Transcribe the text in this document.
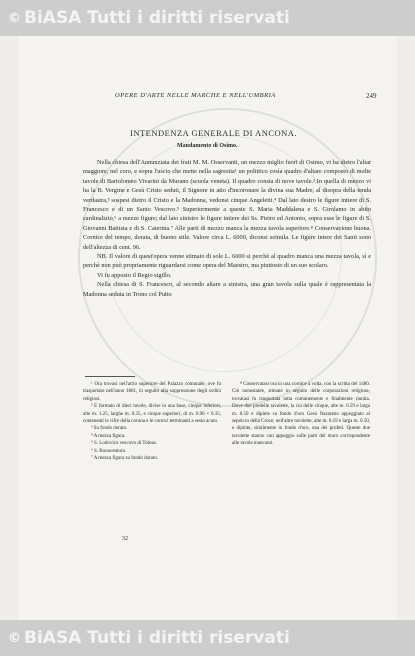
© BiASA Tutti i diritti riservati
OPERE D'ARTE NELLE MARCHE E NELL'UMBRIA	249
INTENDENZA GENERALE DI ANCONA.
Mandamento di Osimo.

Nella chiesa dell'Annunziata dei frati M. M. Osservanti, un mezzo miglio fuori di Osimo, vi ha dietro l'altar maggiore, nel coro, e sopra l'uscio che mette nella sagrestia¹ un polittico cosìa quadro d'altare composto di molte tavole di Bartolomeo Vivarini da Murano (scuola veneta). Il quadro consta di nove tavole.² In quella di mezzo vi ha la B. Vergine e Gesù Cristo seduti, il Signore in atto d'incoronare la divina sua Madre; al disopra della tenda verdastra,³ sospesi dietro il Cristo e la Madonna, vedonsi cinque Angeletti.⁴ Dal lato destro le figure intiere di S. Francesco e di un Santo Vescovo.⁵ Superiormente a queste S. Maria Maddalena e S. Girolamo in abito cardinalizio,⁶ a mezze figure; dal lato sinistro le figure intiere dei Ss. Pietro ed Antonio, sopra esse le figure di S. Giovanni Battista e di S. Caterina.⁷ Alle parti di mezzo manca la mezza tavola superiore.⁸ Conservazione buona. Cornice del tempo, dorata, di buono stile. Valore circa L. 6000, diconsi seimila. Le figure intere dei Santi sono dell'altezza di cent. 96.

NB. Il valore di quest'opera venne stimato di sole L. 6000 si perchè al quadro manca una mezza tavola, sì e perchè non può propriamente riguardarsi come opera del Maestro, ma piuttosto di un suo scolaro.

Vi fu apposto il Regio sigillo.

Nella chiesa di S. Francesco, al secondo altare a sinistra, una gran tavola sulla quale è rappresentata la Madonna seduta in Trono col Putto

¹ Ora trovasi nell'atrio superiore del Palazzo comunale, ove fu trasportato nell'anno 1861, in seguito alla soppressione degli ordini religiosi.
² E formato di dieci tavole, divise in una base, cinque inferiori, alte m. 1.25, larghe m. 0.35, e cinque superiori, di m. 0.96 × 0.35, contenenti le cifre della corona e le cornici terminanti a sesto acuto.
³ Su fondo dorato.
⁴ A mezza figura.
⁵ S. Lodovico vescovo di Tolosa.
⁶ S. Bonaventura.
⁷ A mezza figura su fondo dorato.
⁸ Conservatasi ora in una cornice a volta, con la scritta del 1480. Ciò nonostante, stimate in seguito delle corporazioni religiose, trovatasi fu trasportata tutta comunemente e finalmente riunita. Dove due predelle tavolette, la cui delle cinque, alte m. 0.59 e larga m. 0.50 e dipinte su fondo d'oro Gesù Nazareno appoggiato al sepolcro della Croce; nell'altre tavolette, alte m. 0.59 e larga m. 0.50, e dipinte, similmente in fondo d'oro, una dei profeti. Queste due tavolette stanno con appoggio sulle parti del muro corrispondente alle tavole mancanti.
32
© BiASA Tutti i diritti riservati
